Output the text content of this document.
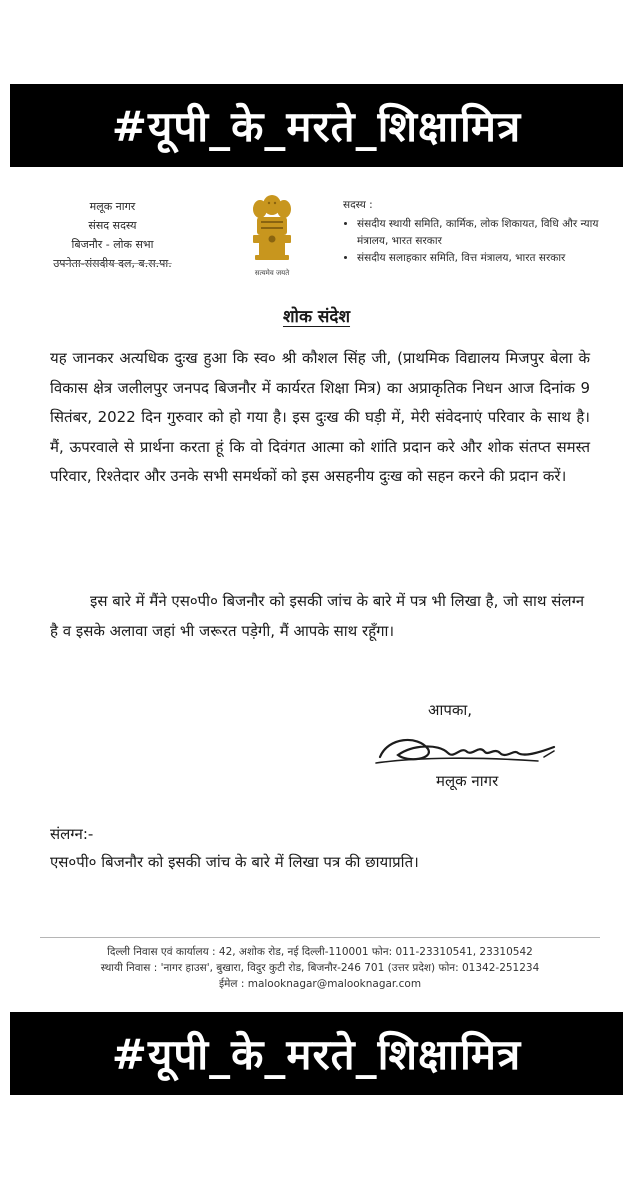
#यूपी_के_मरते_शिक्षामित्र
मलूक नागर
संसद सदस्य
बिजनौर - लोक सभा
उपनेता-संसदीय दल, ब.स.पा.
सत्यमेव जयते
सदस्य :
• संसदीय स्थायी समिति, कार्मिक, लोक शिकायत, विधि और न्याय मंत्रालय, भारत सरकार
• संसदीय सलाहकार समिति, वित्त मंत्रालय, भारत सरकार
शोक संदेश
यह जानकर अत्यधिक दुःख हुआ कि स्व० श्री कौशल सिंह जी, (प्राथमिक विद्यालय मिजपुर बेला के विकास क्षेत्र जलीलपुर जनपद बिजनौर में कार्यरत शिक्षा मित्र) का अप्राकृतिक निधन आज दिनांक 9 सितंबर, 2022 दिन गुरुवार को हो गया है। इस दुःख की घड़ी में, मेरी संवेदनाएं परिवार के साथ है। मैं, ऊपरवाले से प्रार्थना करता हूं कि वो दिवंगत आत्मा को शांति प्रदान करे और शोक संतप्त समस्त परिवार, रिश्तेदार और उनके सभी समर्थकों को इस असहनीय दुःख को सहन करने की प्रदान करें।
इस बारे में मैंने एस०पी० बिजनौर को इसकी जांच के बारे में पत्र भी लिखा है, जो साथ संलग्न है व इसके अलावा जहां भी जरूरत पड़ेगी, मैं आपके साथ रहूँगा।
आपका,
मलूक नागर
संलग्न:-
एस०पी० बिजनौर को इसकी जांच के बारे में लिखा पत्र की छायाप्रति।
दिल्ली निवास एवं कार्यालय : 42, अशोक रोड, नई दिल्ली-110001 फोन: 011-23310541, 23310542
स्थायी निवास : 'नागर हाउस', बुखारा, विदुर कुटी रोड, बिजनौर-246 701 (उत्तर प्रदेश) फोन: 01342-251234
ईमेल : malooknagar@malooknagar.com
#यूपी_के_मरते_शिक्षामित्र
